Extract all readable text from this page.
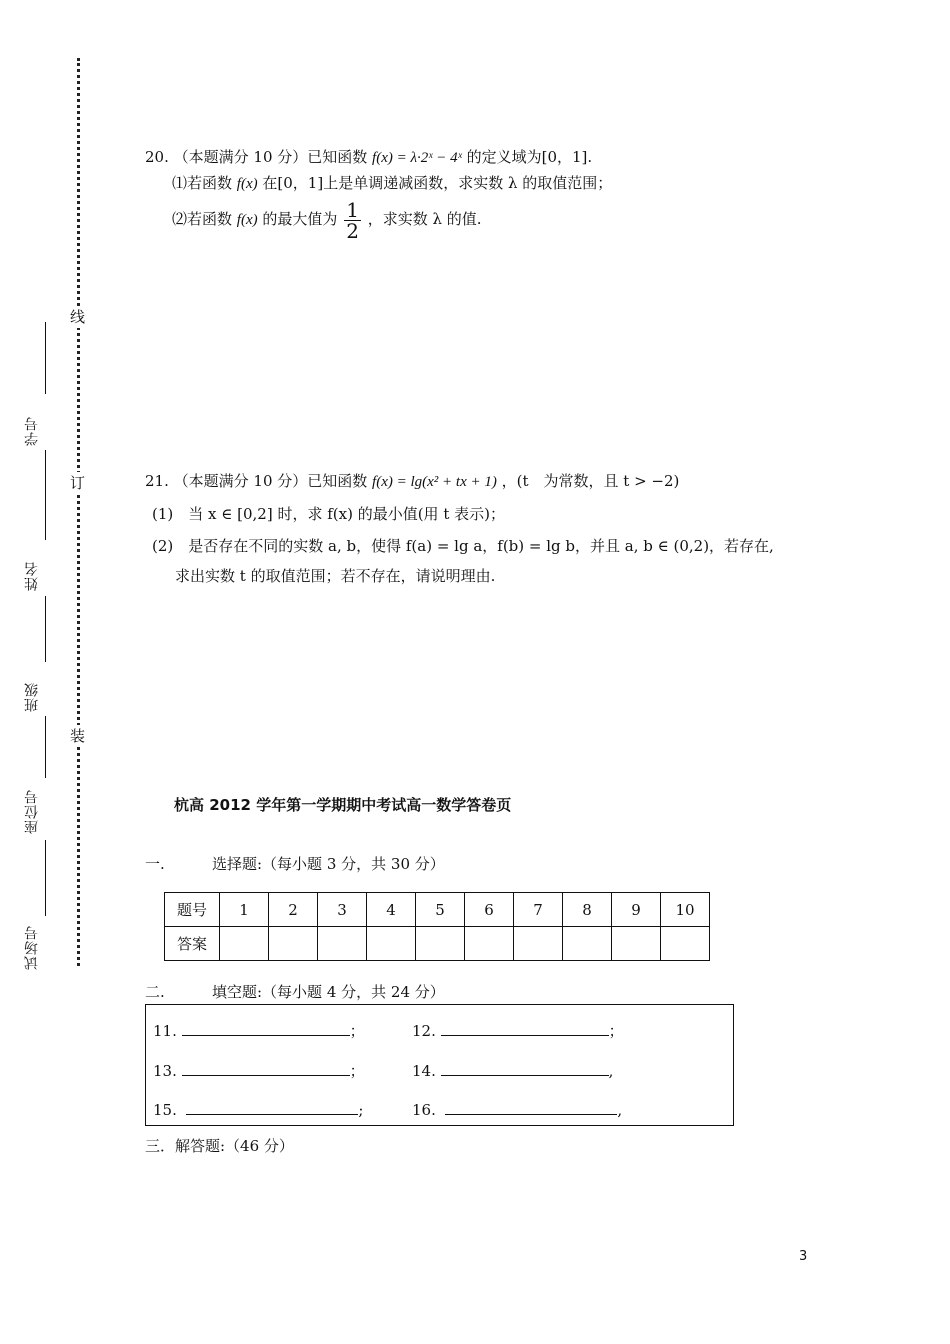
线
订
装
学号
姓名
班级
座位号
试场号
20. （本题满分 10 分）已知函数 f(x) = λ·2ˣ − 4ˣ 的定义域为[0，1].
⑴若函数 f(x) 在[0，1]上是单调递减函数，求实数 λ 的取值范围；
⑵若函数 f(x) 的最大值为 $\frac{1}{2}$ ，求实数 λ 的值.
21. （本题满分 10 分）已知函数 f(x) = lg(x² + tx + 1) ，(t　为常数，且 t > −2)
(1)　当 x ∈ [0,2] 时，求 f(x) 的最小值(用 t 表示)；
(2)　是否存在不同的实数 a, b，使得 f(a) = lg a，f(b) = lg b，并且 a, b ∈ (0,2)，若存在,
求出实数 t 的取值范围；若不存在，请说明理由.
杭高 2012 学年第一学期期中考试高一数学答卷页
一.	选择题:（每小题 3 分，共 30 分）
题号	1	2	3	4	5	6	7	8	9	10
答案										
二.	填空题:（每小题 4 分，共 24 分）
11.	；	12.	；
13.	；	14.	,
15.	;	16.	,
三．解答题:（46 分）
3
